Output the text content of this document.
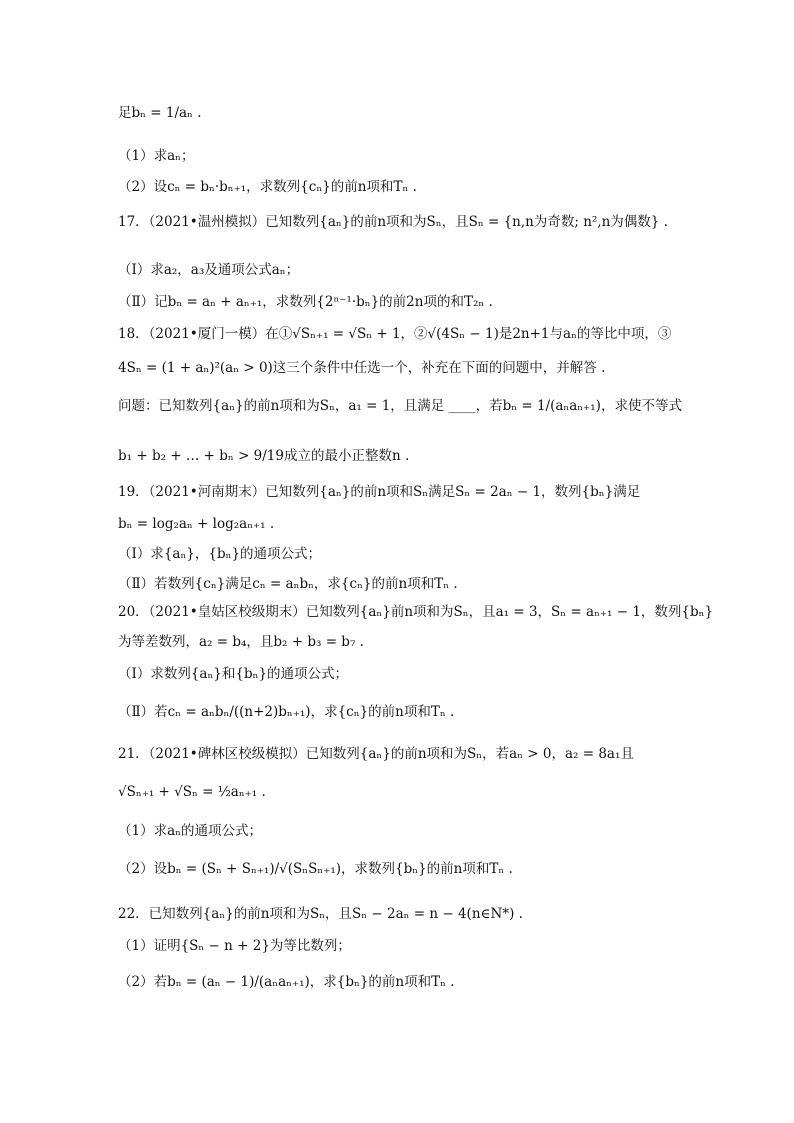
足bₙ = 1/aₙ .
（1）求aₙ；
（2）设cₙ = bₙ·bₙ₊₁，求数列{cₙ}的前n项和Tₙ .
17．（2021•温州模拟）已知数列{aₙ}的前n项和为Sₙ，且Sₙ = {n,n为奇数; n²,n为偶数} .
（Ⅰ）求a₂，a₃及通项公式aₙ；
（Ⅱ）记bₙ = aₙ + aₙ₊₁，求数列{2ⁿ⁻¹·bₙ}的前2n项的和T₂ₙ .
18．（2021•厦门一模）在①√Sₙ₊₁ = √Sₙ + 1，②√(4Sₙ − 1)是2n+1与aₙ的等比中项，③
4Sₙ = (1 + aₙ)²(aₙ > 0)这三个条件中任选一个，补充在下面的问题中，并解答 .
问题：已知数列{aₙ}的前n项和为Sₙ，a₁ = 1，且满足 ____，若bₙ = 1/(aₙaₙ₊₁)，求使不等式
b₁ + b₂ + … + bₙ > 9/19成立的最小正整数n .
19．（2021•河南期末）已知数列{aₙ}的前n项和Sₙ满足Sₙ = 2aₙ − 1，数列{bₙ}满足
bₙ = log₂aₙ + log₂aₙ₊₁ .
（Ⅰ）求{aₙ}，{bₙ}的通项公式；
（Ⅱ）若数列{cₙ}满足cₙ = aₙbₙ，求{cₙ}的前n项和Tₙ .
20．（2021•皇姑区校级期末）已知数列{aₙ}前n项和为Sₙ，且a₁ = 3，Sₙ = aₙ₊₁ − 1，数列{bₙ}
为等差数列，a₂ = b₄，且b₂ + b₃ = b₇ .
（Ⅰ）求数列{aₙ}和{bₙ}的通项公式；
（Ⅱ）若cₙ = aₙbₙ/((n+2)bₙ₊₁)，求{cₙ}的前n项和Tₙ .
21．（2021•碑林区校级模拟）已知数列{aₙ}的前n项和为Sₙ，若aₙ > 0，a₂ = 8a₁且
√Sₙ₊₁ + √Sₙ = ½aₙ₊₁ .
（1）求aₙ的通项公式；
（2）设bₙ = (Sₙ + Sₙ₊₁)/√(SₙSₙ₊₁)，求数列{bₙ}的前n项和Tₙ .
22．已知数列{aₙ}的前n项和为Sₙ，且Sₙ − 2aₙ = n − 4(n∈N*) .
（1）证明{Sₙ − n + 2}为等比数列；
（2）若bₙ = (aₙ − 1)/(aₙaₙ₊₁)，求{bₙ}的前n项和Tₙ .
